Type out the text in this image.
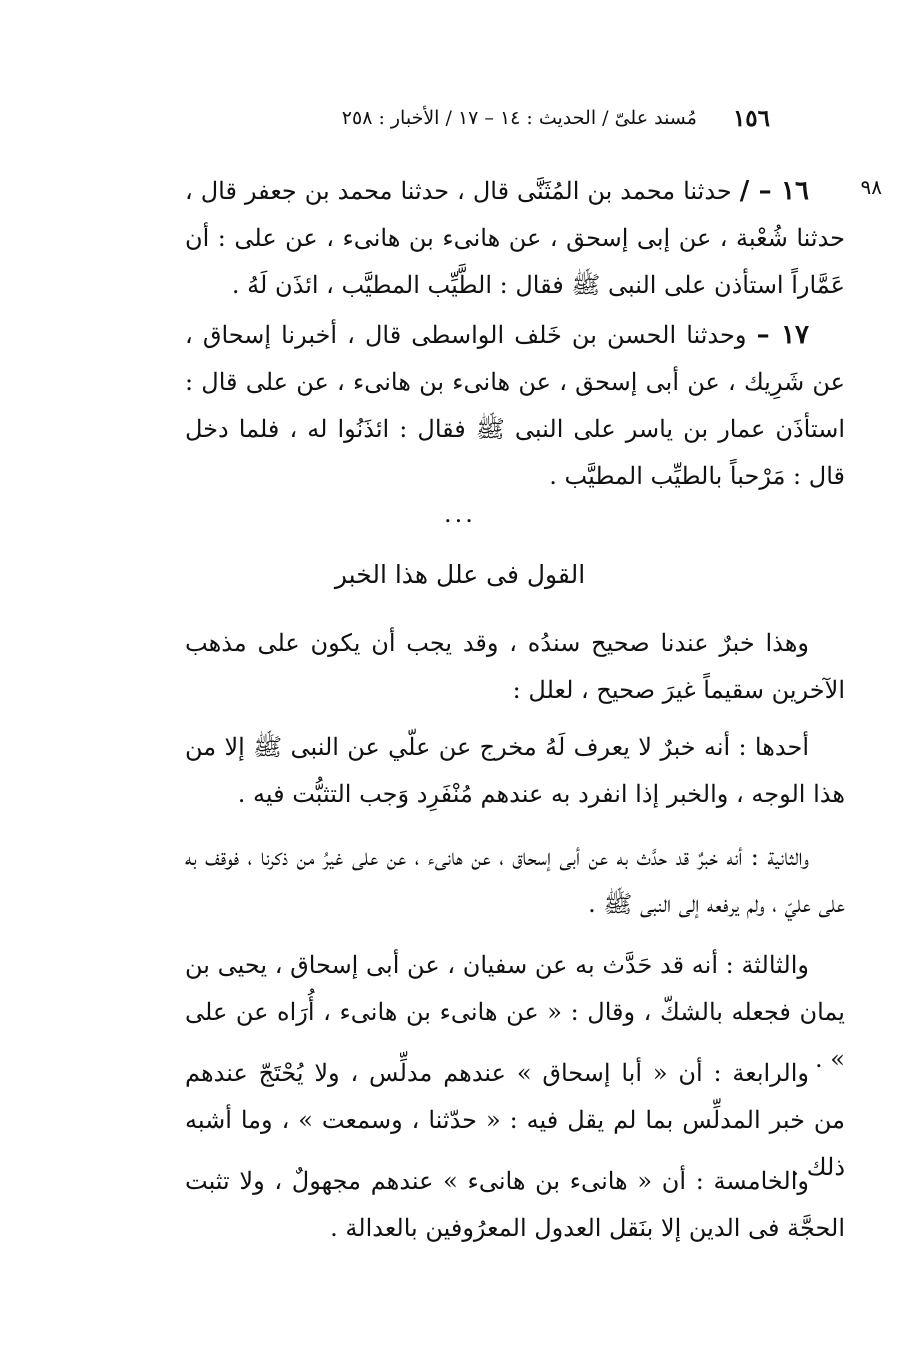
١٥٦
مُسند علىّ / الحديث : ١٤ – ١٧ / الأخبار : ٢٥٨
٩٨

١٦ – / حدثنا محمد بن المُثَنَّى قال ، حدثنا محمد بن جعفر قال ، حدثنا شُعْبة ، عن إبى إسحق ، عن هانىء بن هانىء ، عن على : أن عَمَّاراً استأذن على النبى ﷺ فقال : الطَّيِّب المطيَّب ، ائذَن لَهُ .

١٧ – وحدثنا الحسن بن خَلف الواسطى قال ، أخبرنا إسحاق ، عن شَرِيك ، عن أبى إسحق ، عن هانىء بن هانىء ، عن على قال : استأذَن عمار بن ياسر على النبى ﷺ فقال : ائذَنُوا له ، فلما دخل قال : مَرْحباً بالطيِّب المطيَّب .

...
القول فى علل هذا الخبر

وهذا خبرٌ عندنا صحيح سندُه ، وقد يجب أن يكون على مذهب الآخرين سقيماً غيرَ صحيح ، لعلل :

أحدها : أنه خبرٌ لا يعرف لَهُ مخرج عن علّي عن النبى ﷺ إلا من هذا الوجه ، والخبر إذا انفرد به عندهم مُنْفَرِد وَجب التثبُّت فيه .

والثانية : أنه خبرٌ قد حدَّث به عن أبى إسحاق ، عن هانىء ، عن على غيرُ من ذكرنا ، فوقف به على عليّ ، ولم يرفعه إلى النبى ﷺ .

والثالثة : أنه قد حَدَّث به عن سفيان ، عن أبى إسحاق ، يحيى بن يمان فجعله بالشكّ ، وقال : « عن هانىء بن هانىء ، أُرَاه عن على » .

والرابعة : أن « أبا إسحاق » عندهم مدلِّس ، ولا يُحْتَجّ عندهم من خبر المدلِّس بما لم يقل فيه : « حدّثنا ، وسمعت » ، وما أشبه ذلك .

والخامسة : أن « هانىء بن هانىء » عندهم مجهولٌ ، ولا تثبت الحجَّة فى الدين إلا بنَقل العدول المعرُوفين بالعدالة .
